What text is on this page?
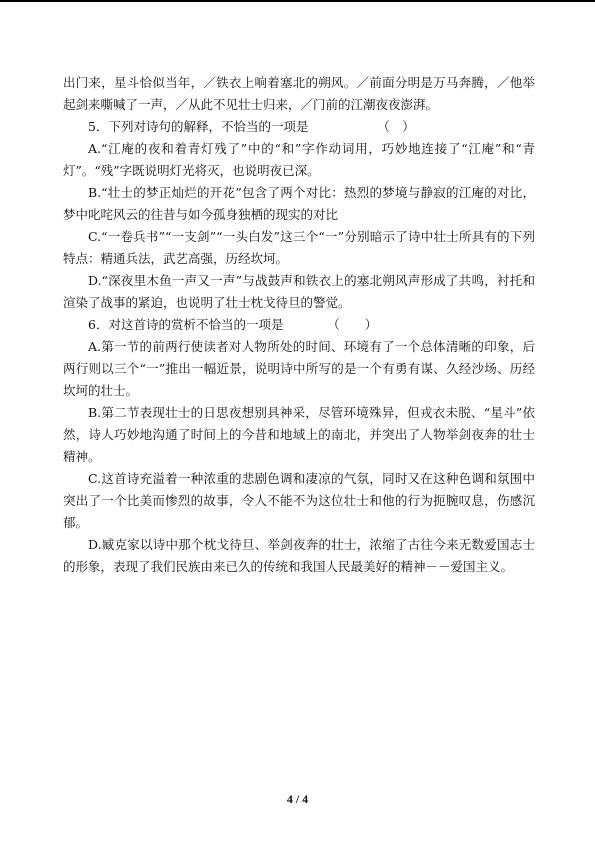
出门来，星斗恰似当年，／铁衣上响着塞北的朔风。／前面分明是万马奔腾，／他举起剑来嘶喊了一声，／从此不见壮士归来，／门前的江潮夜夜澎湃。

5．下列对诗句的解释，不恰当的一项是　　　　　　（　）

A.“江庵的夜和着青灯残了”中的“和”字作动词用，巧妙地连接了“江庵”和“青灯”。“残”字既说明灯光将灭，也说明夜已深。

B.“壮士的梦正灿烂的开花”包含了两个对比：热烈的梦境与静寂的江庵的对比，梦中叱咤风云的往昔与如今孤身独栖的现实的对比

C.“一卷兵书”“一支剑”“一头白发”这三个“一”分别暗示了诗中壮士所具有的下列特点：精通兵法，武艺高强，历经坎坷。

D.“深夜里木鱼一声又一声”与战鼓声和铁衣上的塞北朔风声形成了共鸣，衬托和渲染了战事的紧迫，也说明了壮士枕戈待旦的警觉。

6．对这首诗的赏析不恰当的一项是　　　　（　　）

A.第一节的前两行使读者对人物所处的时间、环境有了一个总体清晰的印象，后两行则以三个“一”推出一幅近景，说明诗中所写的是一个有勇有谋、久经沙场、历经坎坷的壮士。

B.第二节表现壮士的日思夜想别具神采，尽管环境殊异，但戎衣未脱、“星斗”依然，诗人巧妙地沟通了时间上的今昔和地域上的南北，并突出了人物举剑夜奔的壮士精神。

C.这首诗充溢着一种浓重的悲剧色调和凄凉的气氛，同时又在这种色调和氛围中突出了一个比美而惨烈的故事，令人不能不为这位壮士和他的行为扼腕叹息，伤感沉郁。

D.臧克家以诗中那个枕戈待旦、举剑夜奔的壮士，浓缩了古往今来无数爱国志士的形象，表现了我们民族由来已久的传统和我国人民最美好的精神－－爱国主义。

4 / 4
